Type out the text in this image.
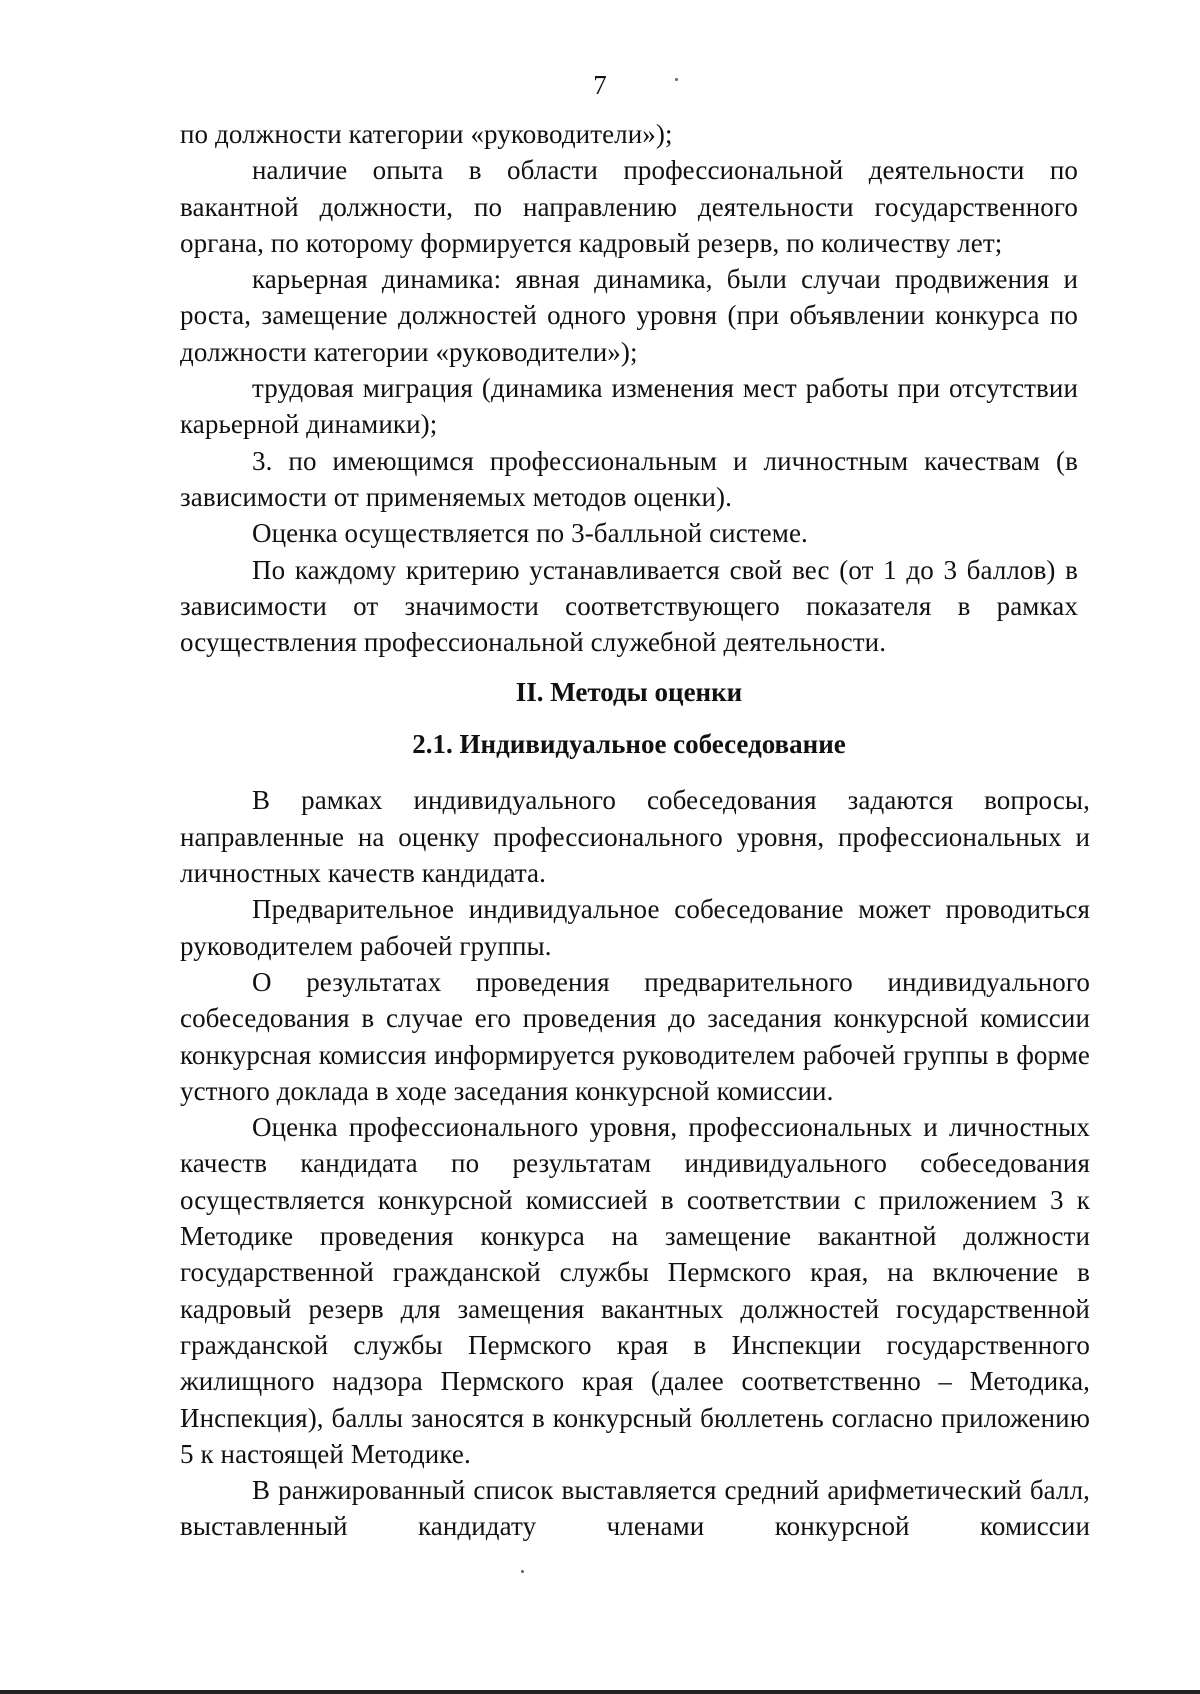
7

по должности категории «руководители»);

наличие опыта в области профессиональной деятельности по вакантной должности, по направлению деятельности государственного органа, по которому формируется кадровый резерв, по количеству лет;

карьерная динамика: явная динамика, были случаи продвижения и роста, замещение должностей одного уровня (при объявлении конкурса по должности категории «руководители»);

трудовая миграция (динамика изменения мест работы при отсутствии карьерной динамики);

3. по имеющимся профессиональным и личностным качествам (в зависимости от применяемых методов оценки).

Оценка осуществляется по 3-балльной системе.

По каждому критерию устанавливается свой вес (от 1 до 3 баллов) в зависимости от значимости соответствующего показателя в рамках осуществления профессиональной служебной деятельности.

II. Методы оценки
2.1. Индивидуальное собеседование

В рамках индивидуального собеседования задаются вопросы, направленные на оценку профессионального уровня, профессиональных и личностных качеств кандидата.

Предварительное индивидуальное собеседование может проводиться руководителем рабочей группы.

О результатах проведения предварительного индивидуального собеседования в случае его проведения до заседания конкурсной комиссии конкурсная комиссия информируется руководителем рабочей группы в форме устного доклада в ходе заседания конкурсной комиссии.

Оценка профессионального уровня, профессиональных и личностных качеств кандидата по результатам индивидуального собеседования осуществляется конкурсной комиссией в соответствии с приложением 3 к Методике проведения конкурса на замещение вакантной должности государственной гражданской службы Пермского края, на включение в кадровый резерв для замещения вакантных должностей государственной гражданской службы Пермского края в Инспекции государственного жилищного надзора Пермского края (далее соответственно – Методика, Инспекция), баллы заносятся в конкурсный бюллетень согласно приложению 5 к настоящей Методике.

В ранжированный список выставляется средний арифметический балл, выставленный кандидату членами конкурсной комиссии
